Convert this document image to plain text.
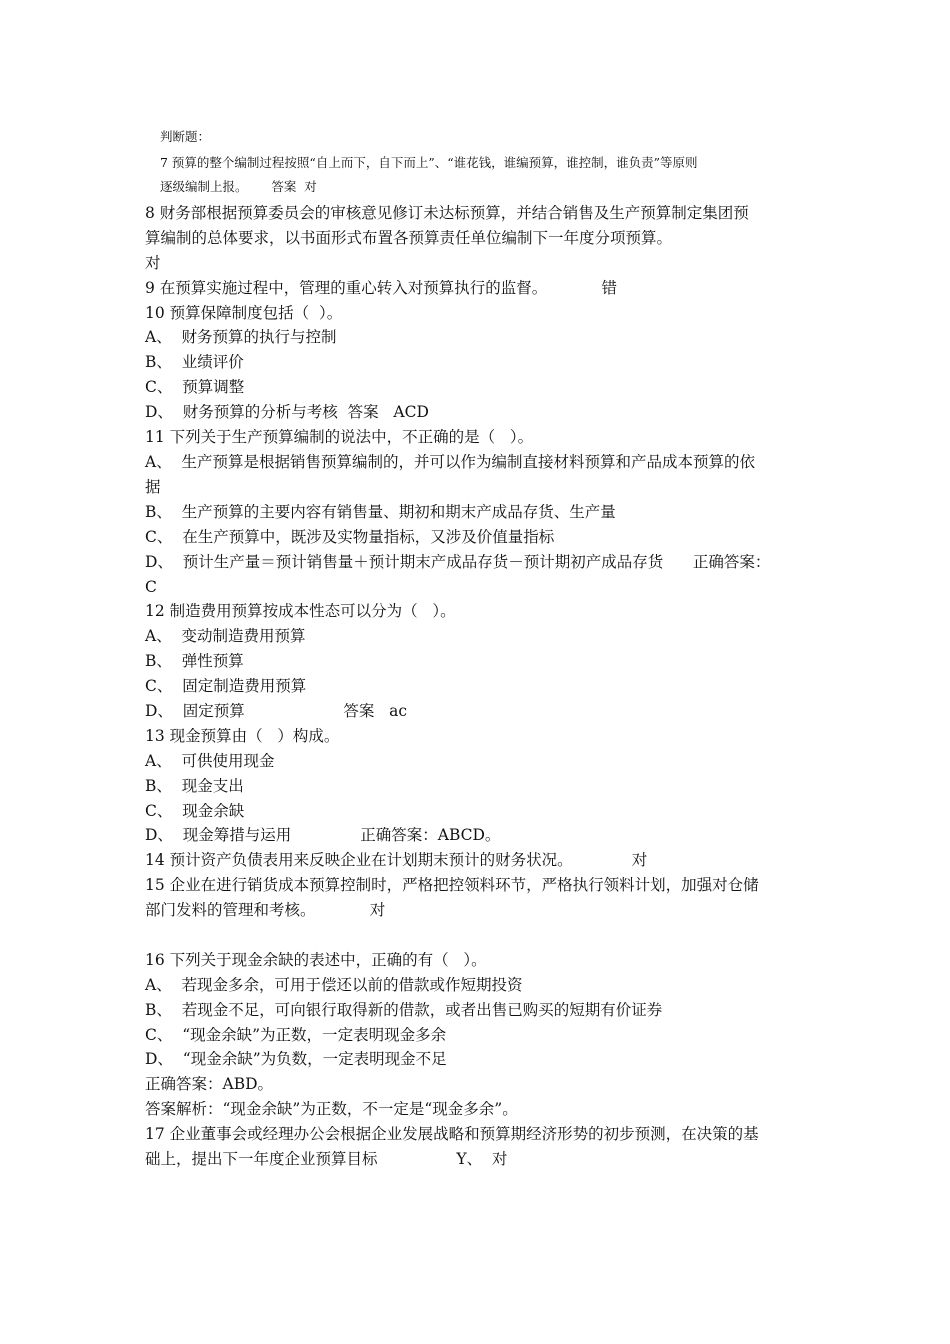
判断题：
7 预算的整个编制过程按照“自上而下，自下而上”、“谁花钱，谁编预算，谁控制，谁负责”等原则
逐级编制上报。      答案  对
8 财务部根据预算委员会的审核意见修订未达标预算，并结合销售及生产预算制定集团预
算编制的总体要求，以书面形式布置各预算责任单位编制下一年度分项预算。
对
9 在预算实施过程中，管理的重心转入对预算执行的监督。           错
10 预算保障制度包括（  ）。
A、  财务预算的执行与控制
B、  业绩评价
C、  预算调整
D、  财务预算的分析与考核  答案   ACD
11 下列关于生产预算编制的说法中，不正确的是（   ）。
A、  生产预算是根据销售预算编制的，并可以作为编制直接材料预算和产品成本预算的依
据
B、  生产预算的主要内容有销售量、期初和期末产成品存货、生产量
C、  在生产预算中，既涉及实物量指标，又涉及价值量指标
D、  预计生产量＝预计销售量＋预计期末产成品存货－预计期初产成品存货      正确答案：
C
12 制造费用预算按成本性态可以分为（   ）。
A、  变动制造费用预算
B、  弹性预算
C、  固定制造费用预算
D、  固定预算                    答案   ac
13 现金预算由（   ）构成。
A、  可供使用现金
B、  现金支出
C、  现金余缺
D、  现金筹措与运用              正确答案：ABCD。
14 预计资产负债表用来反映企业在计划期末预计的财务状况。            对
15 企业在进行销货成本预算控制时，严格把控领料环节，严格执行领料计划，加强对仓储
部门发料的管理和考核。           对
16 下列关于现金余缺的表述中，正确的有（   ）。
A、  若现金多余，可用于偿还以前的借款或作短期投资
B、  若现金不足，可向银行取得新的借款，或者出售已购买的短期有价证券
C、  “现金余缺”为正数，一定表明现金多余
D、  “现金余缺”为负数，一定表明现金不足
正确答案：ABD。
答案解析：“现金余缺”为正数，不一定是“现金多余”。
17 企业董事会或经理办公会根据企业发展战略和预算期经济形势的初步预测，在决策的基
础上，提出下一年度企业预算目标                Y、  对
